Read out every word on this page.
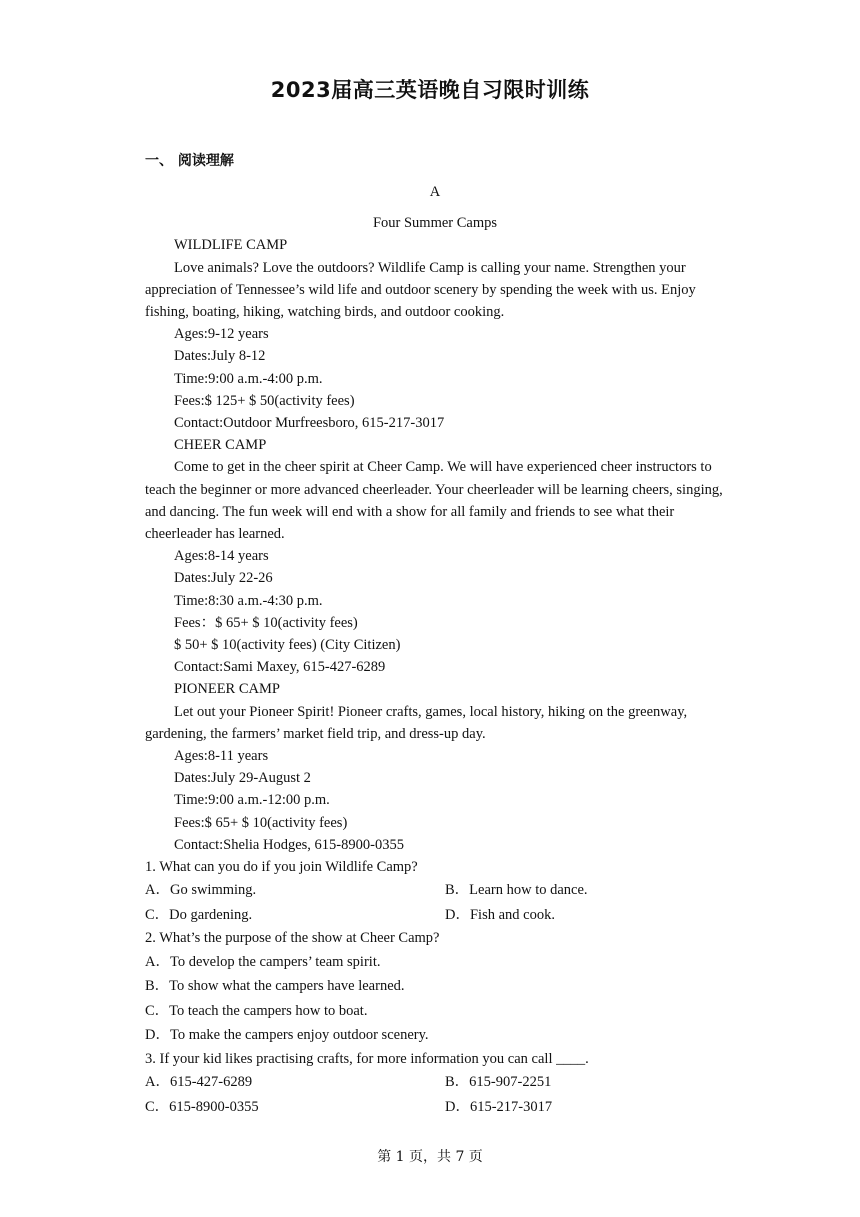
2023届高三英语晚自习限时训练
一、 阅读理解

A

Four Summer Camps

WILDLIFE CAMP

Love animals? Love the outdoors? Wildlife Camp is calling your name. Strengthen your appreciation of Tennessee’s wild life and outdoor scenery by spending the week with us. Enjoy fishing, boating, hiking, watching birds, and outdoor cooking.

Ages:9-12 years

Dates:July 8-12

Time:9:00 a.m.-4:00 p.m.

Fees:$ 125+ $ 50(activity fees)

Contact:Outdoor Murfreesboro, 615-217-3017

CHEER CAMP

Come to get in the cheer spirit at Cheer Camp. We will have experienced cheer instructors to teach the beginner or more advanced cheerleader. Your cheerleader will be learning cheers, singing, and dancing. The fun week will end with a show for all family and friends to see what their cheerleader has learned.

Ages:8-14 years

Dates:July 22-26

Time:8:30 a.m.-4:30 p.m.

Fees：$ 65+ $ 10(activity fees)

$ 50+ $ 10(activity fees) (City Citizen)

Contact:Sami Maxey, 615-427-6289

PIONEER CAMP

Let out your Pioneer Spirit! Pioneer crafts, games, local history, hiking on the greenway, gardening, the farmers’ market field trip, and dress-up day.

Ages:8-11 years

Dates:July 29-August 2

Time:9:00 a.m.-12:00 p.m.

Fees:$ 65+ $ 10(activity fees)

Contact:Shelia Hodges, 615-8900-0355

1. What can you do if you join Wildlife Camp?

A．Go swimming.	B．Learn how to dance.
C．Do gardening.	D．Fish and cook.

2. What’s the purpose of the show at Cheer Camp?

A．To develop the campers’ team spirit.

B．To show what the campers have learned.

C．To teach the campers how to boat.

D．To make the campers enjoy outdoor scenery.

3. If your kid likes practising crafts, for more information you can call ____.

A．615-427-6289	B．615-907-2251
C．615-8900-0355	D．615-217-3017
第 1 页，共 7 页
